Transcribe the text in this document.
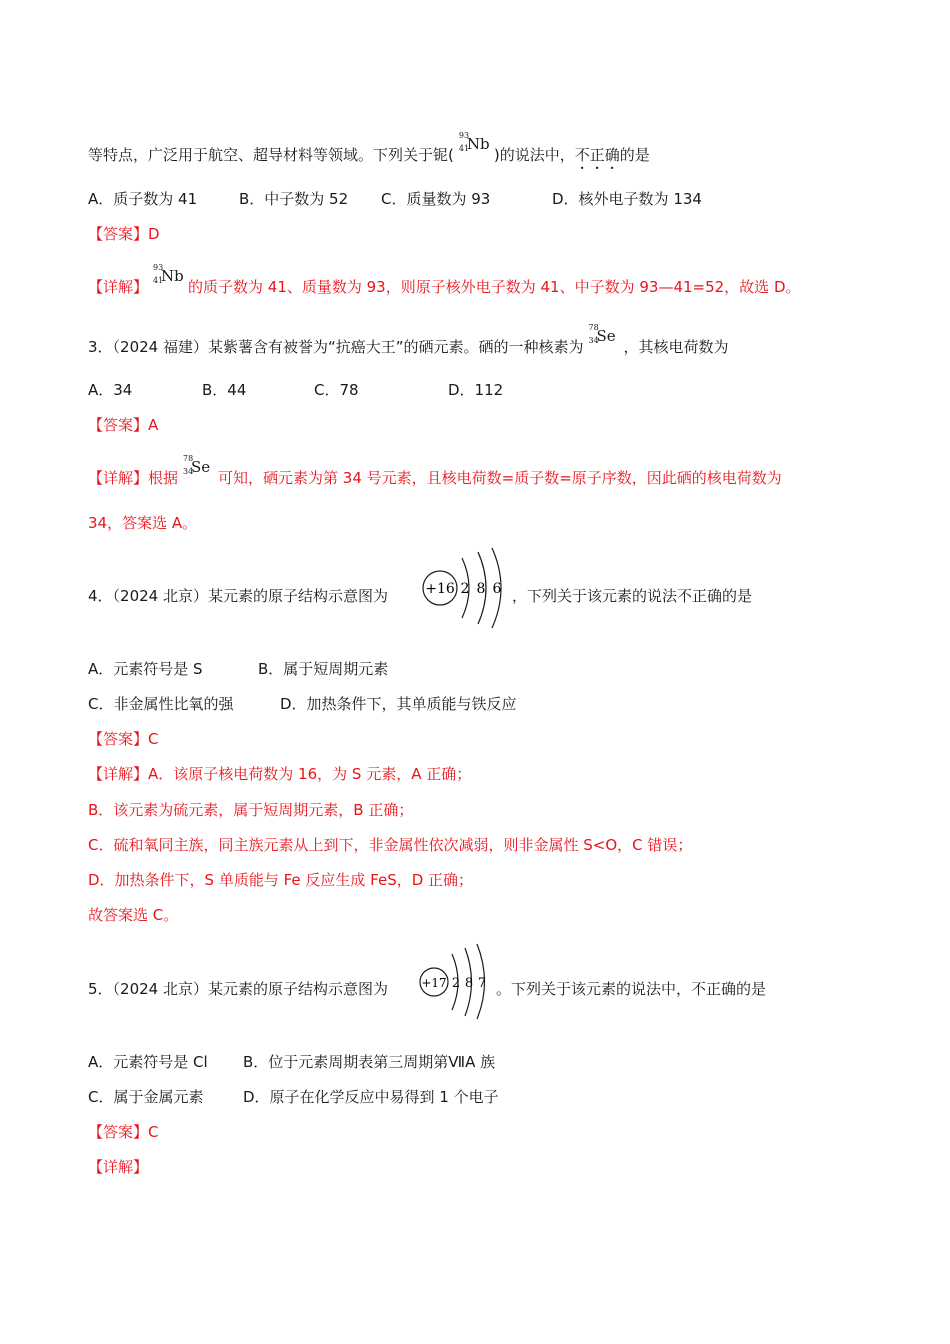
等特点，广泛用于航空、超导材料等领域。下列关于铌(
93
41
Nb
)的说法中，不正确的是
A．质子数为 41	B．中子数为 52 C．质量数为 93	D．核外电子数为 134
【答案】D
【详解】
93
41
Nb
的质子数为 41、质量数为 93，则原子核外电子数为 41、中子数为 93—41=52，故选 D。
3．（2024 福建）某紫薯含有被誉为“抗癌大王”的硒元素。硒的一种核素为
78
34
Se
，其核电荷数为
A．34	B．44	C．78	D．112
【答案】A
【详解】根据
78
34
Se
可知，硒元素为第 34 号元素，且核电荷数=质子数=原子序数，因此硒的核电荷数为
34，答案选 A。
4．（2024 北京）某元素的原子结构示意图为	+16 2 8 6 ，下列关于该元素的说法不正确的是
A．元素符号是 S	B．属于短周期元素
C．非金属性比氧的强	D．加热条件下，其单质能与铁反应
【答案】C
【详解】A．该原子核电荷数为 16，为 S 元素，A 正确；
B．该元素为硫元素，属于短周期元素，B 正确；
C．硫和氧同主族，同主族元素从上到下，非金属性依次减弱，则非金属性 S<O，C 错误；
D．加热条件下，S 单质能与 Fe 反应生成 FeS，D 正确；
故答案选 C。
5．（2024 北京）某元素的原子结构示意图为	+17 2 8 7 。下列关于该元素的说法中，不正确的是
A．元素符号是 Cl B．位于元素周期表第三周期第ⅦA 族
C．属于金属元素	D．原子在化学反应中易得到 1 个电子
【答案】C
【详解】
